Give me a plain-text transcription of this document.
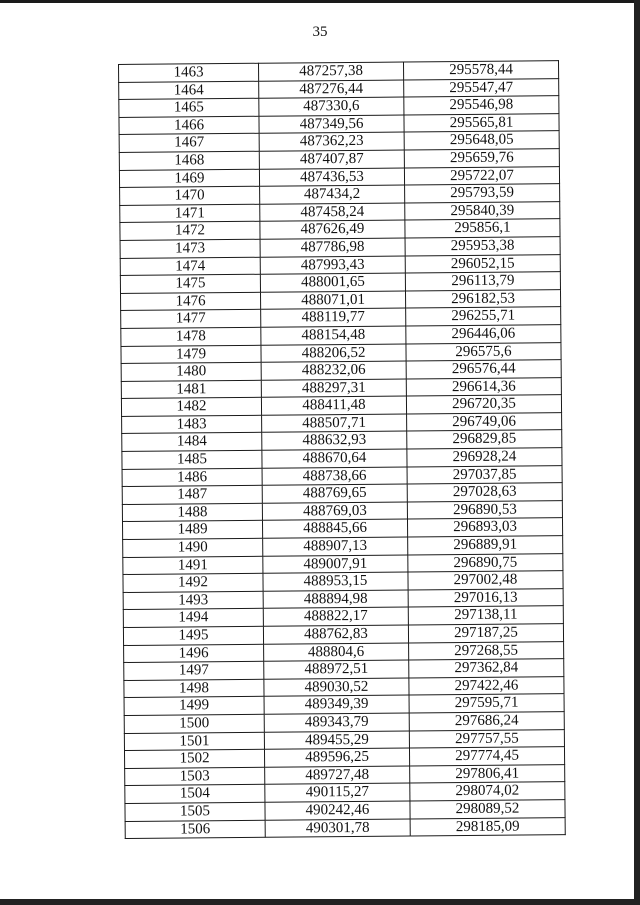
35
1463	487257,38	295578,44
1464	487276,44	295547,47
1465	487330,6	295546,98
1466	487349,56	295565,81
1467	487362,23	295648,05
1468	487407,87	295659,76
1469	487436,53	295722,07
1470	487434,2	295793,59
1471	487458,24	295840,39
1472	487626,49	295856,1
1473	487786,98	295953,38
1474	487993,43	296052,15
1475	488001,65	296113,79
1476	488071,01	296182,53
1477	488119,77	296255,71
1478	488154,48	296446,06
1479	488206,52	296575,6
1480	488232,06	296576,44
1481	488297,31	296614,36
1482	488411,48	296720,35
1483	488507,71	296749,06
1484	488632,93	296829,85
1485	488670,64	296928,24
1486	488738,66	297037,85
1487	488769,65	297028,63
1488	488769,03	296890,53
1489	488845,66	296893,03
1490	488907,13	296889,91
1491	489007,91	296890,75
1492	488953,15	297002,48
1493	488894,98	297016,13
1494	488822,17	297138,11
1495	488762,83	297187,25
1496	488804,6	297268,55
1497	488972,51	297362,84
1498	489030,52	297422,46
1499	489349,39	297595,71
1500	489343,79	297686,24
1501	489455,29	297757,55
1502	489596,25	297774,45
1503	489727,48	297806,41
1504	490115,27	298074,02
1505	490242,46	298089,52
1506	490301,78	298185,09
